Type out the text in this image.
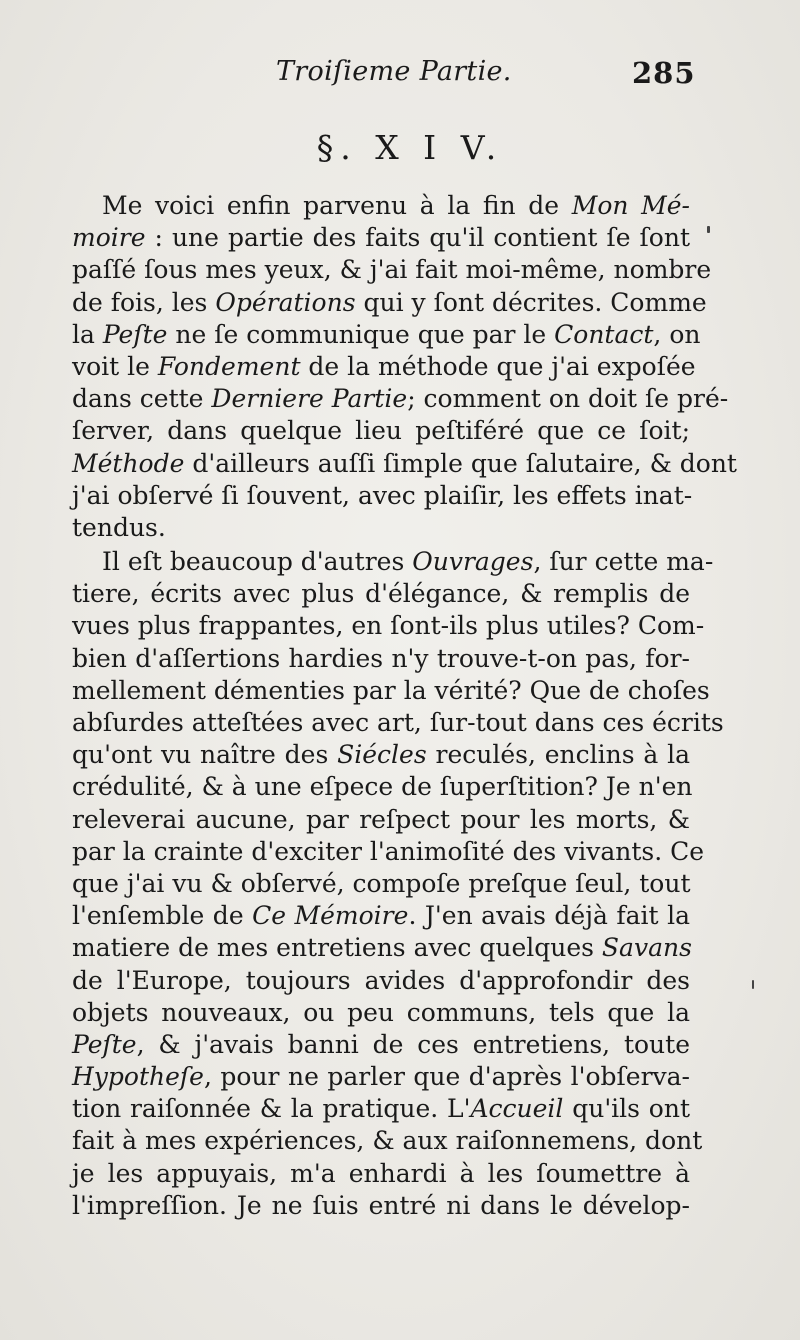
Troiſieme Partie.	285
§. X I V.
Me voici enfin parvenu à la fin de Mon Mé-
moire : une partie des faits qu'il contient ſe ſont
paſſé ſous mes yeux, & j'ai fait moi-même, nombre
de fois, les Opérations qui y ſont décrites. Comme
la Peſte ne ſe communique que par le Contact, on
voit le Fondement de la méthode que j'ai expoſée
dans cette Derniere Partie; comment on doit ſe pré-
ſerver, dans quelque lieu peſtiféré que ce ſoit;
Méthode d'ailleurs auſſi ſimple que ſalutaire, & dont
j'ai obſervé ſi ſouvent, avec plaiſir, les effets inat-
tendus.
Il eſt beaucoup d'autres Ouvrages, ſur cette ma-
tiere, écrits avec plus d'élégance, & remplis de
vues plus frappantes, en ſont-ils plus utiles? Com-
bien d'aſſertions hardies n'y trouve-t-on pas, for-
mellement démenties par la vérité? Que de choſes
abſurdes atteſtées avec art, ſur-tout dans ces écrits
qu'ont vu naître des Siécles reculés, enclins à la
crédulité, & à une eſpece de ſuperſtition? Je n'en
releverai aucune, par reſpect pour les morts, &
par la crainte d'exciter l'animoſité des vivants. Ce
que j'ai vu & obſervé, compoſe preſque ſeul, tout
l'enſemble de Ce Mémoire. J'en avais déjà fait la
matiere de mes entretiens avec quelques Savans
de l'Europe, toujours avides d'approfondir des
objets nouveaux, ou peu communs, tels que la
Peſte, & j'avais banni de ces entretiens, toute
Hypotheſe, pour ne parler que d'après l'obſerva-
tion raiſonnée & la pratique. L'Accueil qu'ils ont
fait à mes expériences, & aux raiſonnemens, dont
je les appuyais, m'a enhardi à les ſoumettre à
l'impreſſion. Je ne ſuis entré ni dans le dévelop-
